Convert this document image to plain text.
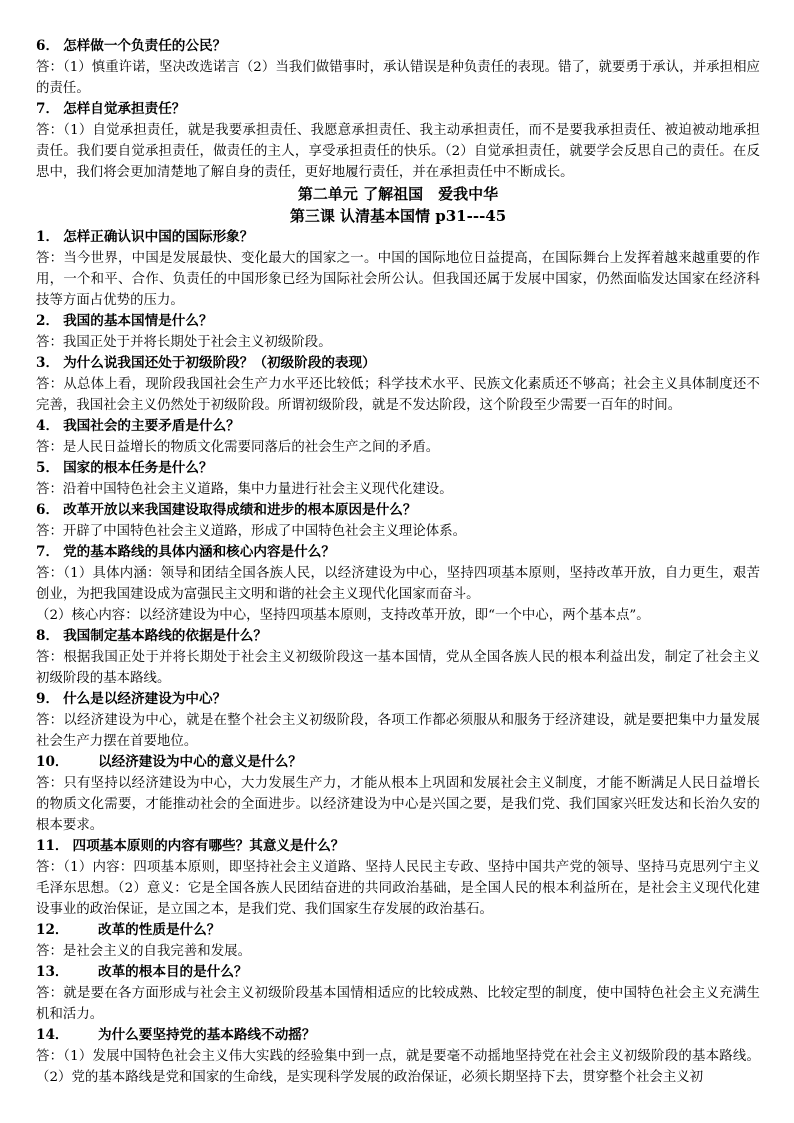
6． 怎样做一个负责任的公民？

答：（1）慎重许诺，坚决改选诺言（2）当我们做错事时，承认错误是种负责任的表现。错了，就要勇于承认，并承担相应的责任。

7． 怎样自觉承担责任？

答：（1）自觉承担责任，就是我要承担责任、我愿意承担责任、我主动承担责任，而不是要我承担责任、被迫被动地承担责任。我们要自觉承担责任，做责任的主人，享受承担责任的快乐。（2）自觉承担责任，就要学会反思自己的责任。在反思中，我们将会更加清楚地了解自身的责任，更好地履行责任，并在承担责任中不断成长。

第二单元 了解祖国　爱我中华

第三课 认清基本国情 p31---45

1． 怎样正确认识中国的国际形象？

答：当今世界，中国是发展最快、变化最大的国家之一。中国的国际地位日益提高，在国际舞台上发挥着越来越重要的作用，一个和平、合作、负责任的中国形象已经为国际社会所公认。但我国还属于发展中国家，仍然面临发达国家在经济科技等方面占优势的压力。

2． 我国的基本国情是什么？

答：我国正处于并将长期处于社会主义初级阶段。

3． 为什么说我国还处于初级阶段？（初级阶段的表现）

答：从总体上看，现阶段我国社会生产力水平还比较低；科学技术水平、民族文化素质还不够高；社会主义具体制度还不完善，我国社会主义仍然处于初级阶段。所谓初级阶段，就是不发达阶段，这个阶段至少需要一百年的时间。

4． 我国社会的主要矛盾是什么？

答：是人民日益增长的物质文化需要同落后的社会生产之间的矛盾。

5． 国家的根本任务是什么？

答：沿着中国特色社会主义道路，集中力量进行社会主义现代化建设。

6． 改革开放以来我国建设取得成绩和进步的根本原因是什么？

答：开辟了中国特色社会主义道路，形成了中国特色社会主义理论体系。

7． 党的基本路线的具体内涵和核心内容是什么？

答：（1）具体内涵：领导和团结全国各族人民，以经济建设为中心，坚持四项基本原则，坚持改革开放，自力更生，艰苦创业，为把我国建设成为富强民主文明和谐的社会主义现代化国家而奋斗。

（2）核心内容：以经济建设为中心，坚持四项基本原则，支持改革开放，即“一个中心，两个基本点”。

8． 我国制定基本路线的依据是什么？

答：根据我国正处于并将长期处于社会主义初级阶段这一基本国情，党从全国各族人民的根本利益出发，制定了社会主义初级阶段的基本路线。

9． 什么是以经济建设为中心？

答：以经济建设为中心，就是在整个社会主义初级阶段，各项工作都必须服从和服务于经济建设，就是要把集中力量发展社会生产力摆在首要地位。

10． 以经济建设为中心的意义是什么？

答：只有坚持以经济建设为中心，大力发展生产力，才能从根本上巩固和发展社会主义制度，才能不断满足人民日益增长的物质文化需要，才能推动社会的全面进步。以经济建设为中心是兴国之要，是我们党、我们国家兴旺发达和长治久安的根本要求。

11． 四项基本原则的内容有哪些？其意义是什么？

答：（1）内容：四项基本原则，即坚持社会主义道路、坚持人民民主专政、坚持中国共产党的领导、坚持马克思列宁主义毛泽东思想。（2）意义：它是全国各族人民团结奋进的共同政治基础，是全国人民的根本利益所在，是社会主义现代化建设事业的政治保证，是立国之本，是我们党、我们国家生存发展的政治基石。

12． 改革的性质是什么？

答：是社会主义的自我完善和发展。

13． 改革的根本目的是什么？

答：就是要在各方面形成与社会主义初级阶段基本国情相适应的比较成熟、比较定型的制度，使中国特色社会主义充满生机和活力。

14． 为什么要坚持党的基本路线不动摇？

答：（1）发展中国特色社会主义伟大实践的经验集中到一点，就是要毫不动摇地坚持党在社会主义初级阶段的基本路线。（2）党的基本路线是党和国家的生命线，是实现科学发展的政治保证，必须长期坚持下去，贯穿整个社会主义初
